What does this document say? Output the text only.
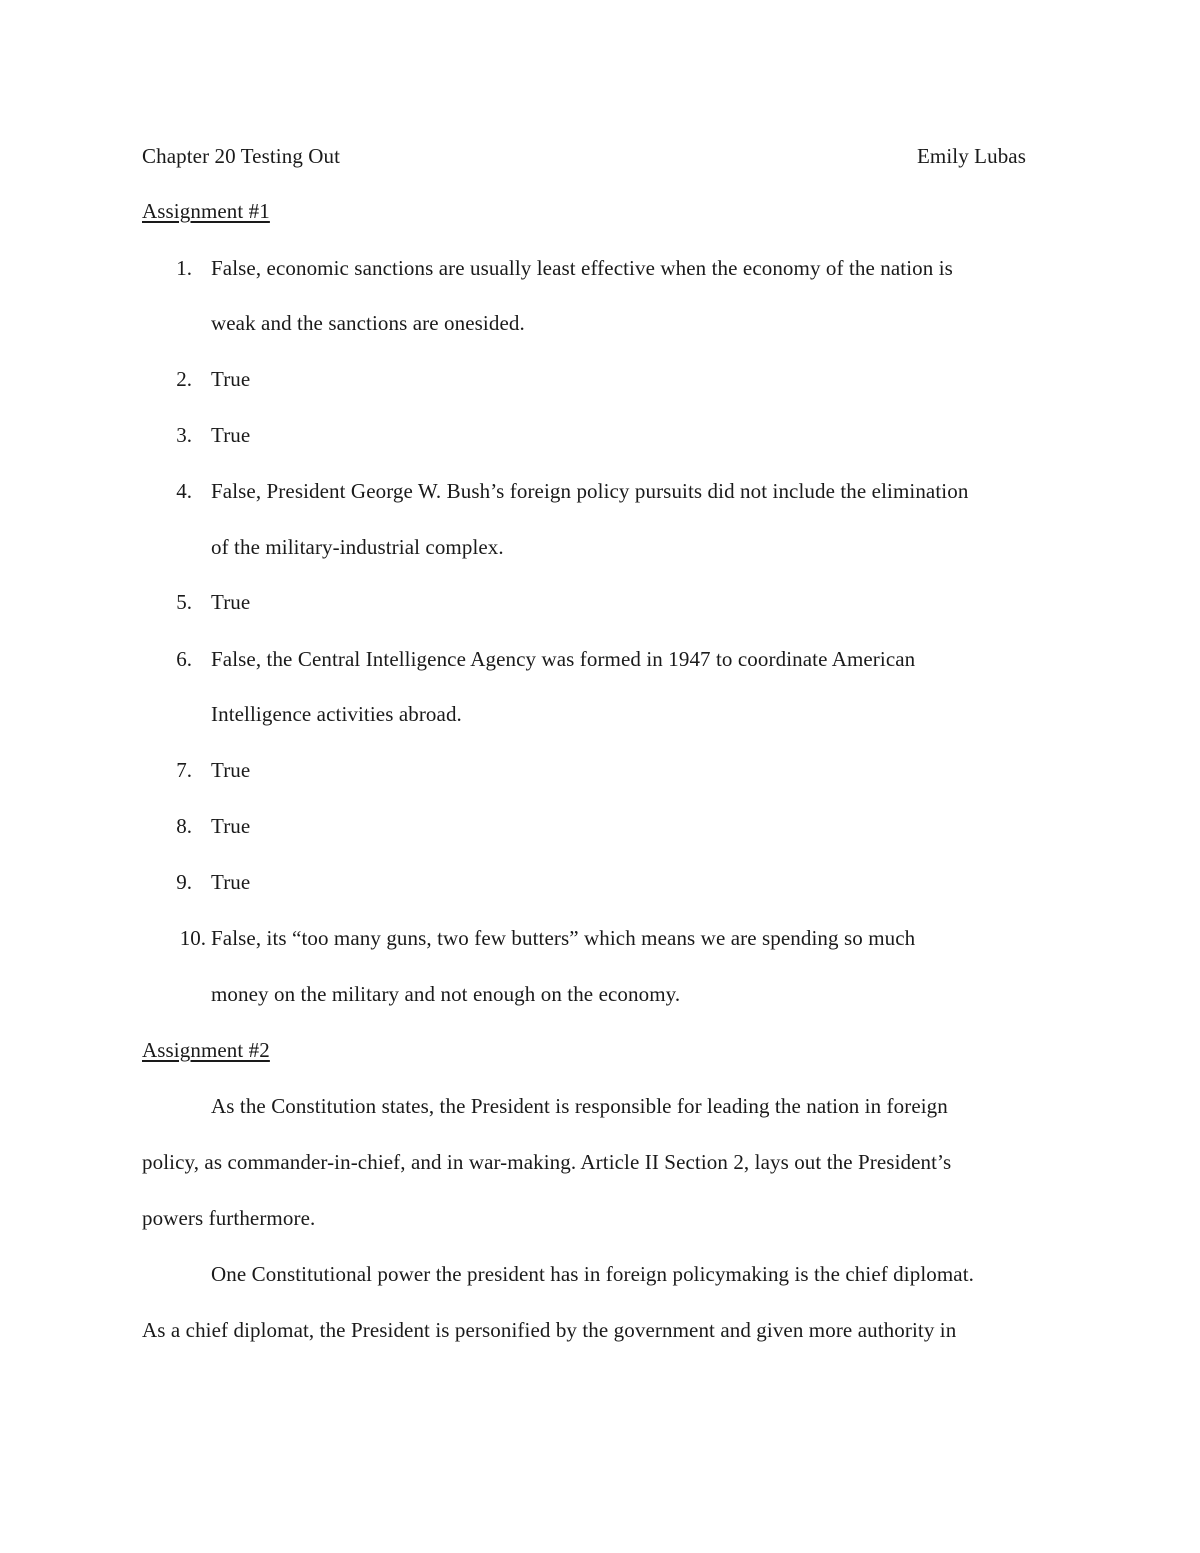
Chapter 20 Testing Out	Emily Lubas
Assignment #1
1. False, economic sanctions are usually least effective when the economy of the nation is
weak and the sanctions are onesided.
2. True
3. True
4. False, President George W. Bush’s foreign policy pursuits did not include the elimination
of the military-industrial complex.
5. True
6. False, the Central Intelligence Agency was formed in 1947 to coordinate American
Intelligence activities abroad.
7. True
8. True
9. True
10. False, its “too many guns, two few butters” which means we are spending so much
money on the military and not enough on the economy.
Assignment #2
As the Constitution states, the President is responsible for leading the nation in foreign
policy, as commander-in-chief, and in war-making. Article II Section 2, lays out the President’s
powers furthermore.
One Constitutional power the president has in foreign policymaking is the chief diplomat.
As a chief diplomat, the President is personified by the government and given more authority in
